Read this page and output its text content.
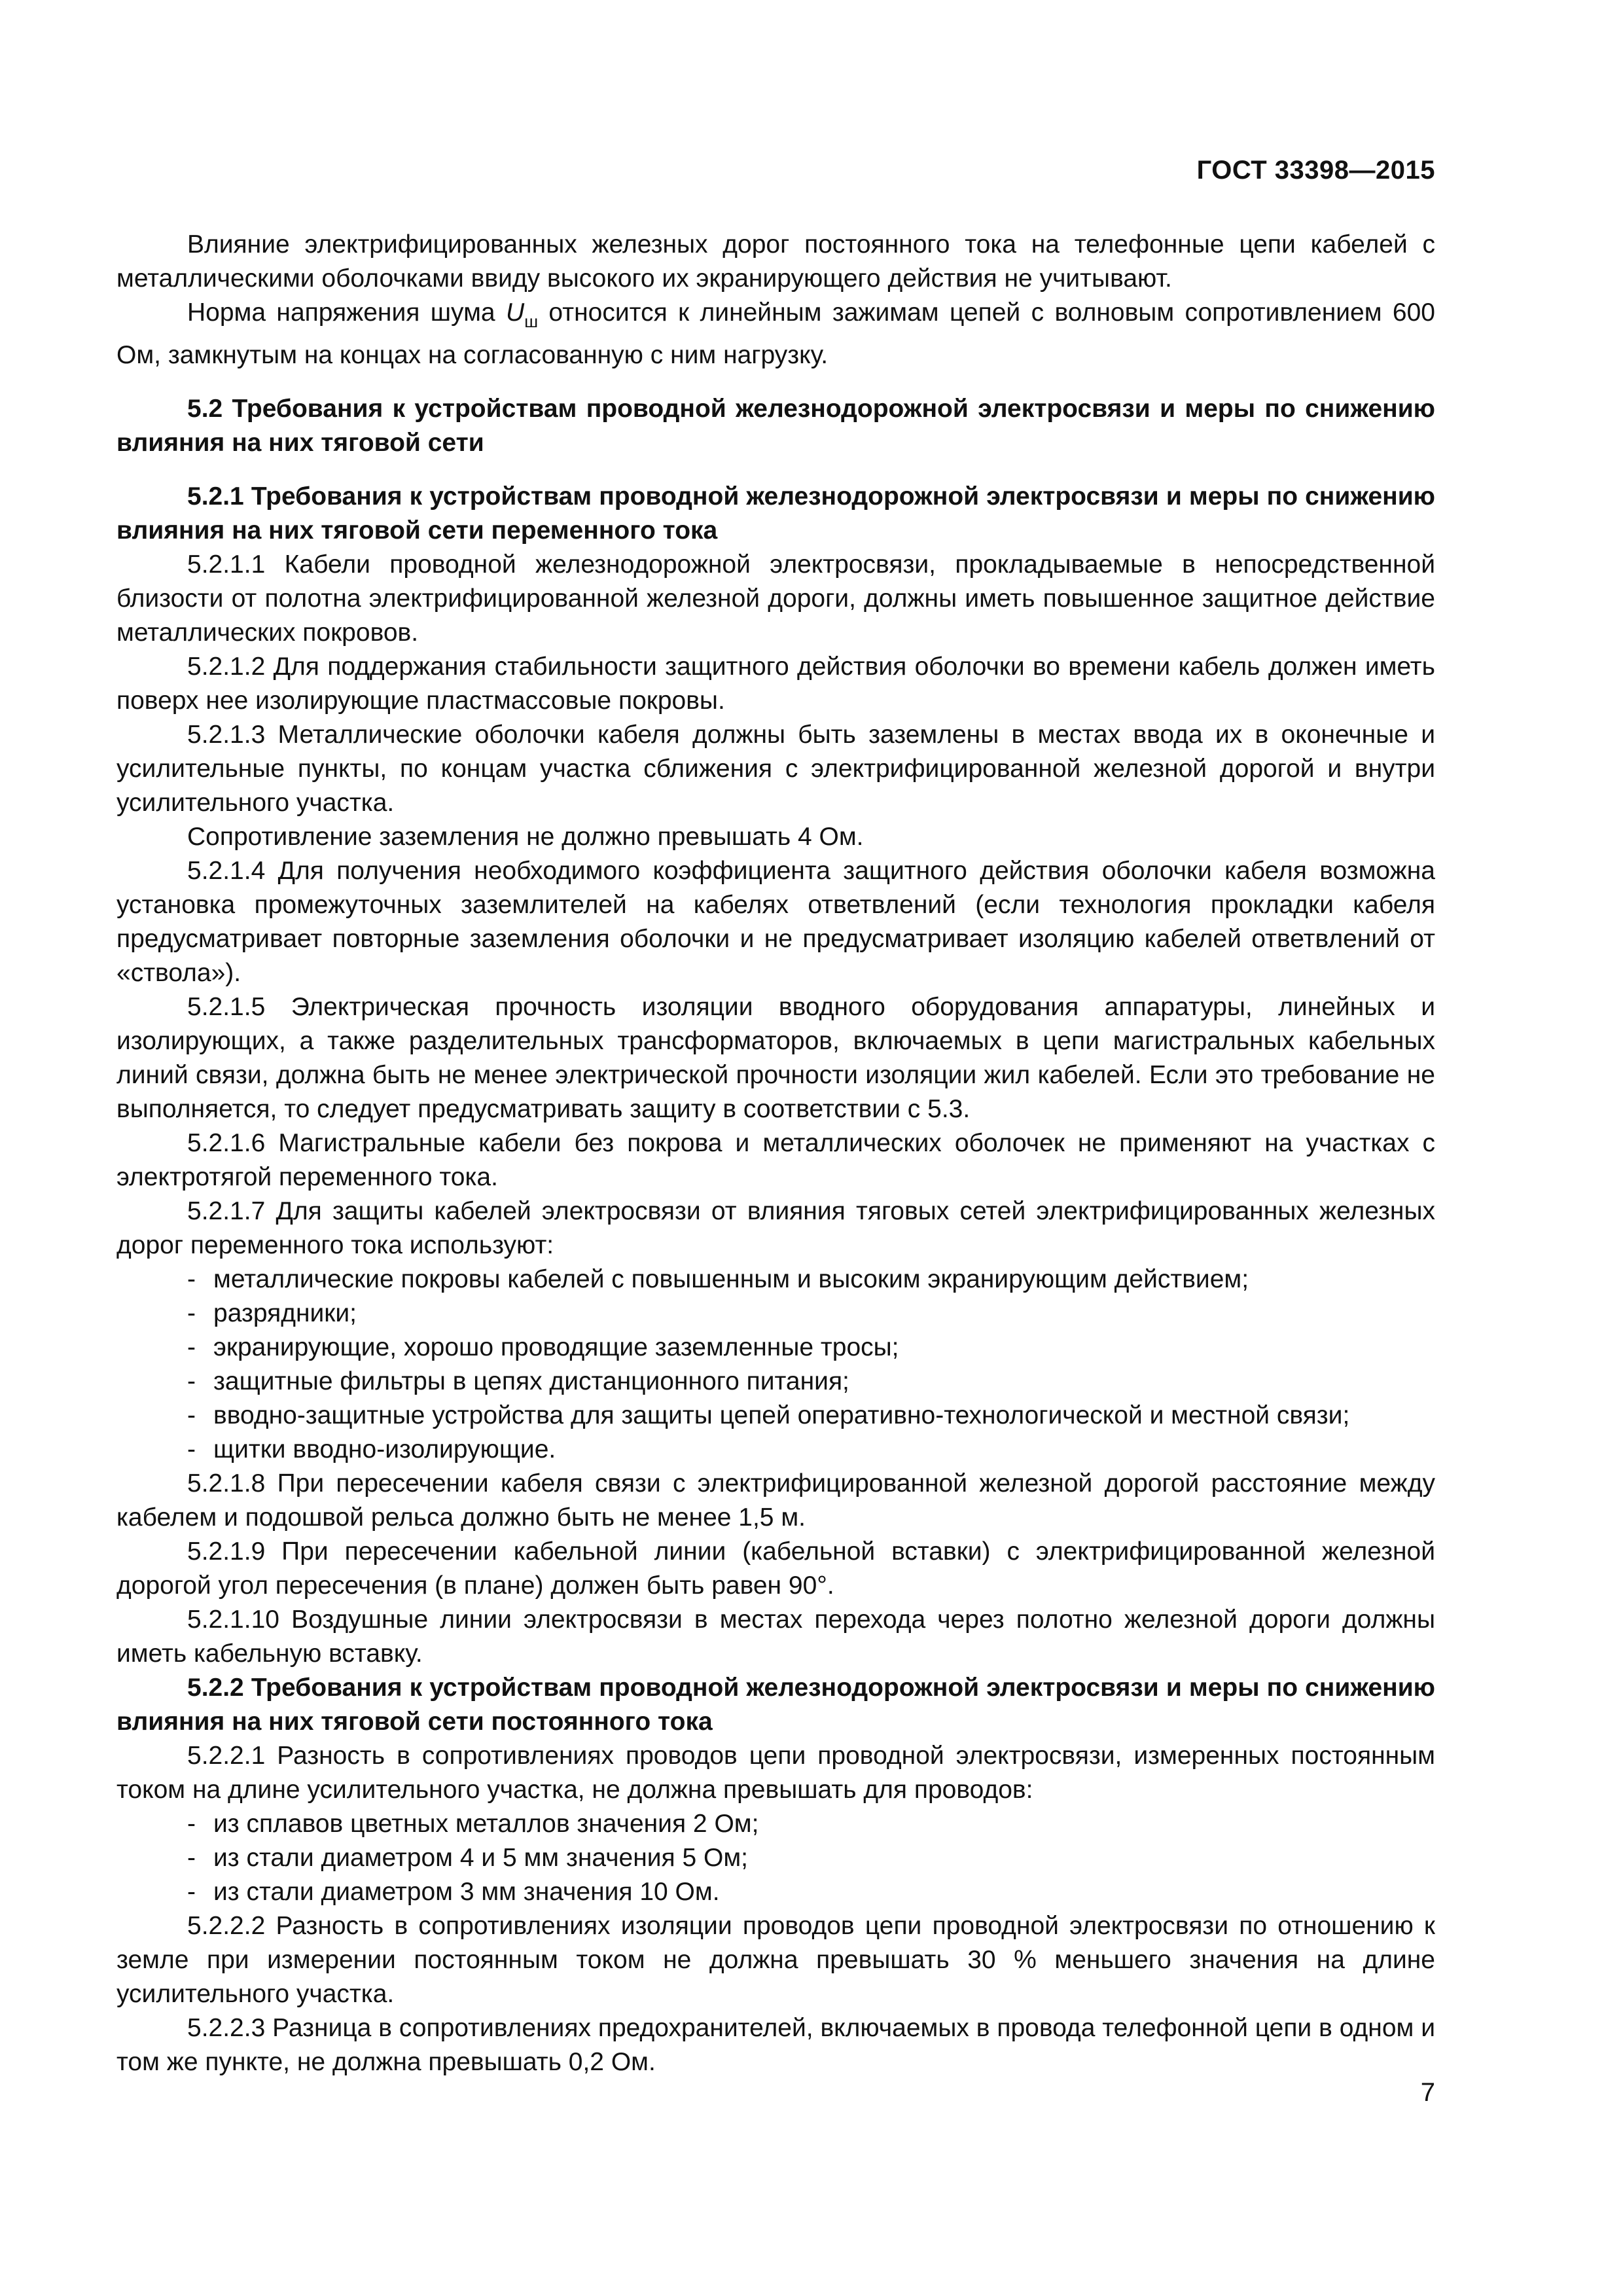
ГОСТ 33398—2015

Влияние электрифицированных железных дорог постоянного тока на телефонные цепи кабелей с металлическими оболочками ввиду высокого их экранирующего действия не учитывают.

Норма напряжения шума $U_ш$ относится к линейным зажимам цепей с волновым сопротивлением 600 Ом, замкнутым на концах на согласованную с ним нагрузку.

5.2 Требования к устройствам проводной железнодорожной электросвязи и меры по снижению влияния на них тяговой сети

5.2.1 Требования к устройствам проводной железнодорожной электросвязи и меры по снижению влияния на них тяговой сети переменного тока

5.2.1.1 Кабели проводной железнодорожной электросвязи, прокладываемые в непосредственной близости от полотна электрифицированной железной дороги, должны иметь повышенное защитное действие металлических покровов.

5.2.1.2 Для поддержания стабильности защитного действия оболочки во времени кабель должен иметь поверх нее изолирующие пластмассовые покровы.

5.2.1.3 Металлические оболочки кабеля должны быть заземлены в местах ввода их в оконечные и усилительные пункты, по концам участка сближения с электрифицированной железной дорогой и внутри усилительного участка.

Сопротивление заземления не должно превышать 4 Ом.

5.2.1.4 Для получения необходимого коэффициента защитного действия оболочки кабеля возможна установка промежуточных заземлителей на кабелях ответвлений (если технология прокладки кабеля предусматривает повторные заземления оболочки и не предусматривает изоляцию кабелей ответвлений от «ствола»).

5.2.1.5 Электрическая прочность изоляции вводного оборудования аппаратуры, линейных и изолирующих, а также разделительных трансформаторов, включаемых в цепи магистральных кабельных линий связи, должна быть не менее электрической прочности изоляции жил кабелей. Если это требование не выполняется, то следует предусматривать защиту в соответствии с 5.3.

5.2.1.6 Магистральные кабели без покрова и металлических оболочек не применяют на участках с электротягой переменного тока.

5.2.1.7 Для защиты кабелей электросвязи от влияния тяговых сетей электрифицированных железных дорог переменного тока используют:

- металлические покровы кабелей с повышенным и высоким экранирующим действием;

- разрядники;

- экранирующие, хорошо проводящие заземленные тросы;

- защитные фильтры в цепях дистанционного питания;

- вводно-защитные устройства для защиты цепей оперативно-технологической и местной связи;

- щитки вводно-изолирующие.

5.2.1.8 При пересечении кабеля связи с электрифицированной железной дорогой расстояние между кабелем и подошвой рельса должно быть не менее 1,5 м.

5.2.1.9 При пересечении кабельной линии (кабельной вставки) с электрифицированной железной дорогой угол пересечения (в плане) должен быть равен 90°.

5.2.1.10 Воздушные линии электросвязи в местах перехода через полотно железной дороги должны иметь кабельную вставку.

5.2.2 Требования к устройствам проводной железнодорожной электросвязи и меры по снижению влияния на них тяговой сети постоянного тока

5.2.2.1 Разность в сопротивлениях проводов цепи проводной электросвязи, измеренных постоянным током на длине усилительного участка, не должна превышать для проводов:

- из сплавов цветных металлов значения 2 Ом;

- из стали диаметром 4 и 5 мм значения 5 Ом;

- из стали диаметром 3 мм значения 10 Ом.

5.2.2.2 Разность в сопротивлениях изоляции проводов цепи проводной электросвязи по отношению к земле при измерении постоянным током не должна превышать 30 % меньшего значения на длине усилительного участка.

5.2.2.3 Разница в сопротивлениях предохранителей, включаемых в провода телефонной цепи в одном и том же пункте, не должна превышать 0,2 Ом.

7
